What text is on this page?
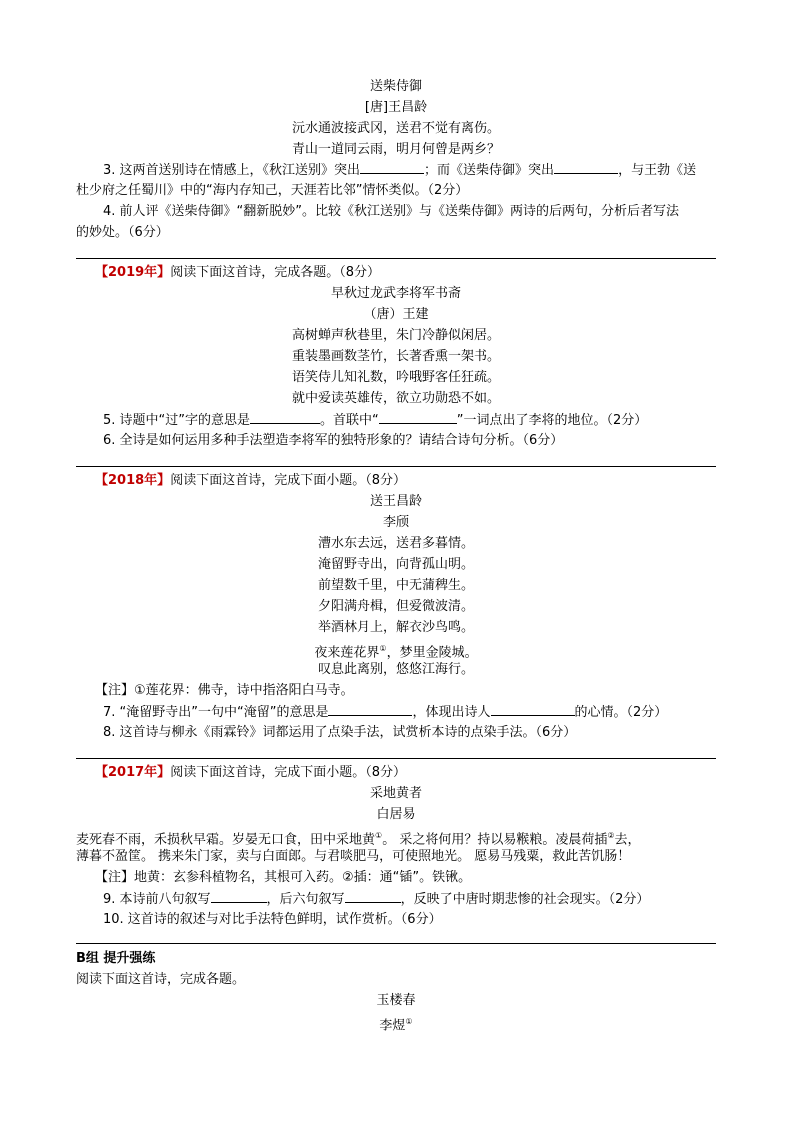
送柴侍御
[唐]王昌龄
沅水通波接武冈，送君不觉有离伤。
青山一道同云雨，明月何曾是两乡？
3. 这两首送别诗在情感上，《秋江送别》突出	；而《送柴侍御》突出	，与王勃《送
杜少府之任蜀川》中的“海内存知己，天涯若比邻”情怀类似。（2分）
4. 前人评《送柴侍御》“翻新脱妙”。比较《秋江送别》与《送柴侍御》两诗的后两句，分析后者写法
的妙处。（6分）
【2019年】阅读下面这首诗，完成各题。（8分）
早秋过龙武李将军书斋
（唐）王建
高树蝉声秋巷里，朱门冷静似闲居。
重装墨画数茎竹，长著香熏一架书。
语笑侍儿知礼数，吟哦野客任狂疏。
就中爱读英雄传，欲立功勋恐不如。
5. 诗题中“过”字的意思是	。首联中“	”一词点出了李将的地位。（2分）
6. 全诗是如何运用多种手法塑造李将军的独特形象的？请结合诗句分析。（6分）
【2018年】阅读下面这首诗，完成下面小题。（8分）
送王昌龄
李颀
漕水东去远，送君多暮情。
淹留野寺出，向背孤山明。
前望数千里，中无蒲稗生。
夕阳满舟楫，但爱微波清。
举酒林月上，解衣沙鸟鸣。
夜来莲花界①，梦里金陵城。
叹息此离别，悠悠江海行。
【注】①莲花界：佛寺，诗中指洛阳白马寺。
7. “淹留野寺出”一句中“淹留”的意思是	，体现出诗人	的心情。（2分）
8. 这首诗与柳永《雨霖铃》词都运用了点染手法，试赏析本诗的点染手法。（6分）
【2017年】阅读下面这首诗，完成下面小题。（8分）
采地黄者
白居易
麦死春不雨，禾损秋早霜。岁晏无口食，田中采地黄①。 采之将何用？持以易糇粮。凌晨荷插②去，
薄暮不盈筐。 携来朱门家，卖与白面郎。与君啖肥马，可使照地光。 愿易马残粟，救此苦饥肠！
【注】地黄：玄参科植物名，其根可入药。②插：通“锸”。铁锹。
9. 本诗前八句叙写	，后六句叙写	，反映了中唐时期悲惨的社会现实。（2分）
10. 这首诗的叙述与对比手法特色鲜明，试作赏析。（6分）
B组 提升强练
阅读下面这首诗，完成各题。
玉楼春
李煜①
